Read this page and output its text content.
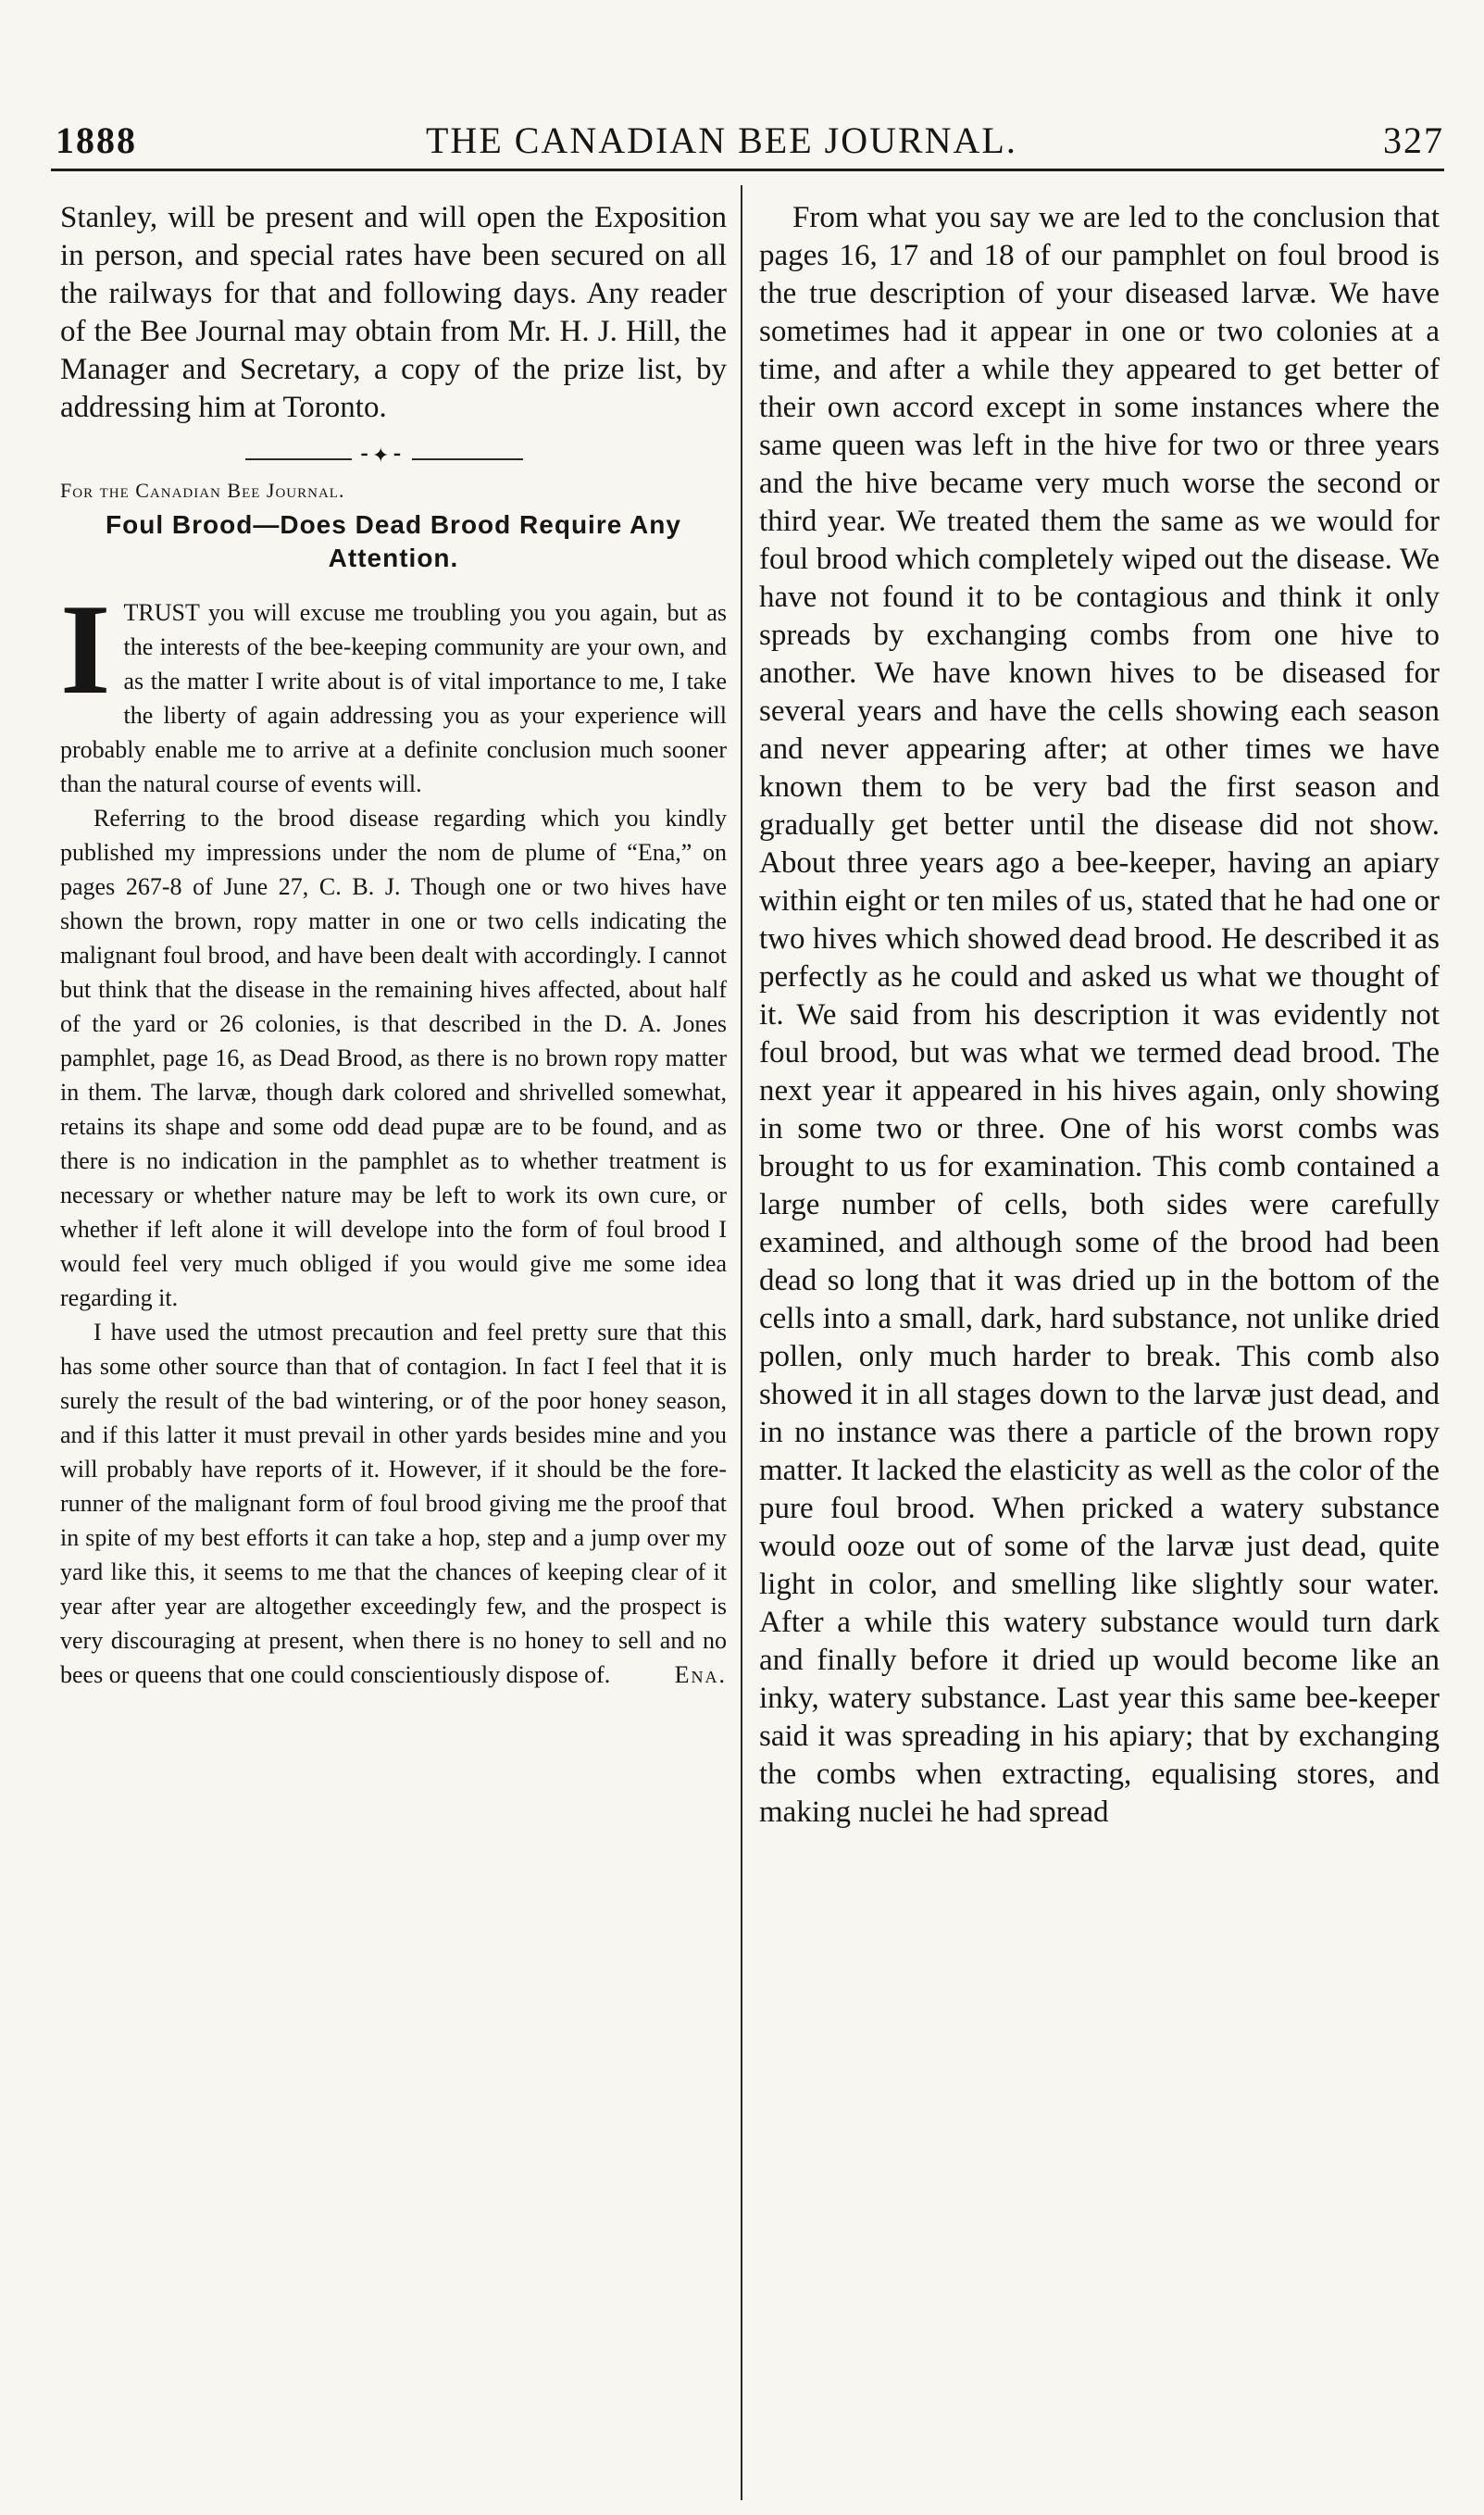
1888	THE CANADIAN BEE JOURNAL.	327

Stanley, will be present and will open the Exposition in person, and special rates have been secured on all the railways for that and following days. Any reader of the Bee Journal may obtain from Mr. H. J. Hill, the Manager and Secretary, a copy of the prize list, by addressing him at Toronto.

⁃✦⁃

For the Canadian Bee Journal.

Foul Brood—Does Dead Brood Require Any Attention.
I TRUST you will excuse me troubling you you again, but as the interests of the bee-keeping community are your own, and as the matter I write about is of vital importance to me, I take the liberty of again addressing you as your experience will probably enable me to arrive at a definite conclusion much sooner than the natural course of events will.

Referring to the brood disease regarding which you kindly published my impressions under the nom de plume of “Ena,” on pages 267-8 of June 27, C. B. J. Though one or two hives have shown the brown, ropy matter in one or two cells indicating the malignant foul brood, and have been dealt with accordingly. I cannot but think that the disease in the remaining hives affected, about half of the yard or 26 colonies, is that described in the D. A. Jones pamphlet, page 16, as Dead Brood, as there is no brown ropy matter in them. The larvæ, though dark colored and shrivelled somewhat, retains its shape and some odd dead pupæ are to be found, and as there is no indication in the pamphlet as to whether treatment is necessary or whether nature may be left to work its own cure, or whether if left alone it will develope into the form of foul brood I would feel very much obliged if you would give me some idea regarding it.

I have used the utmost precaution and feel pretty sure that this has some other source than that of contagion. In fact I feel that it is surely the result of the bad wintering, or of the poor honey season, and if this latter it must prevail in other yards besides mine and you will probably have reports of it. However, if it should be the fore-runner of the malignant form of foul brood giving me the proof that in spite of my best efforts it can take a hop, step and a jump over my yard like this, it seems to me that the chances of keeping clear of it year after year are altogether exceedingly few, and the prospect is very discouraging at present, when there is no honey to sell and no bees or queens that one could conscientiously dispose of.	Ena.

From what you say we are led to the conclusion that pages 16, 17 and 18 of our pamphlet on foul brood is the true description of your diseased larvæ. We have sometimes had it appear in one or two colonies at a time, and after a while they appeared to get better of their own accord except in some instances where the same queen was left in the hive for two or three years and the hive became very much worse the second or third year. We treated them the same as we would for foul brood which completely wiped out the disease. We have not found it to be contagious and think it only spreads by exchanging combs from one hive to another. We have known hives to be diseased for several years and have the cells showing each season and never appearing after; at other times we have known them to be very bad the first season and gradually get better until the disease did not show. About three years ago a bee-keeper, having an apiary within eight or ten miles of us, stated that he had one or two hives which showed dead brood. He described it as perfectly as he could and asked us what we thought of it. We said from his description it was evidently not foul brood, but was what we termed dead brood. The next year it appeared in his hives again, only showing in some two or three. One of his worst combs was brought to us for examination. This comb contained a large number of cells, both sides were carefully examined, and although some of the brood had been dead so long that it was dried up in the bottom of the cells into a small, dark, hard substance, not unlike dried pollen, only much harder to break. This comb also showed it in all stages down to the larvæ just dead, and in no instance was there a particle of the brown ropy matter. It lacked the elasticity as well as the color of the pure foul brood. When pricked a watery substance would ooze out of some of the larvæ just dead, quite light in color, and smelling like slightly sour water. After a while this watery substance would turn dark and finally before it dried up would become like an inky, watery substance. Last year this same bee-keeper said it was spreading in his apiary; that by exchanging the combs when extracting, equalising stores, and making nuclei he had spread
